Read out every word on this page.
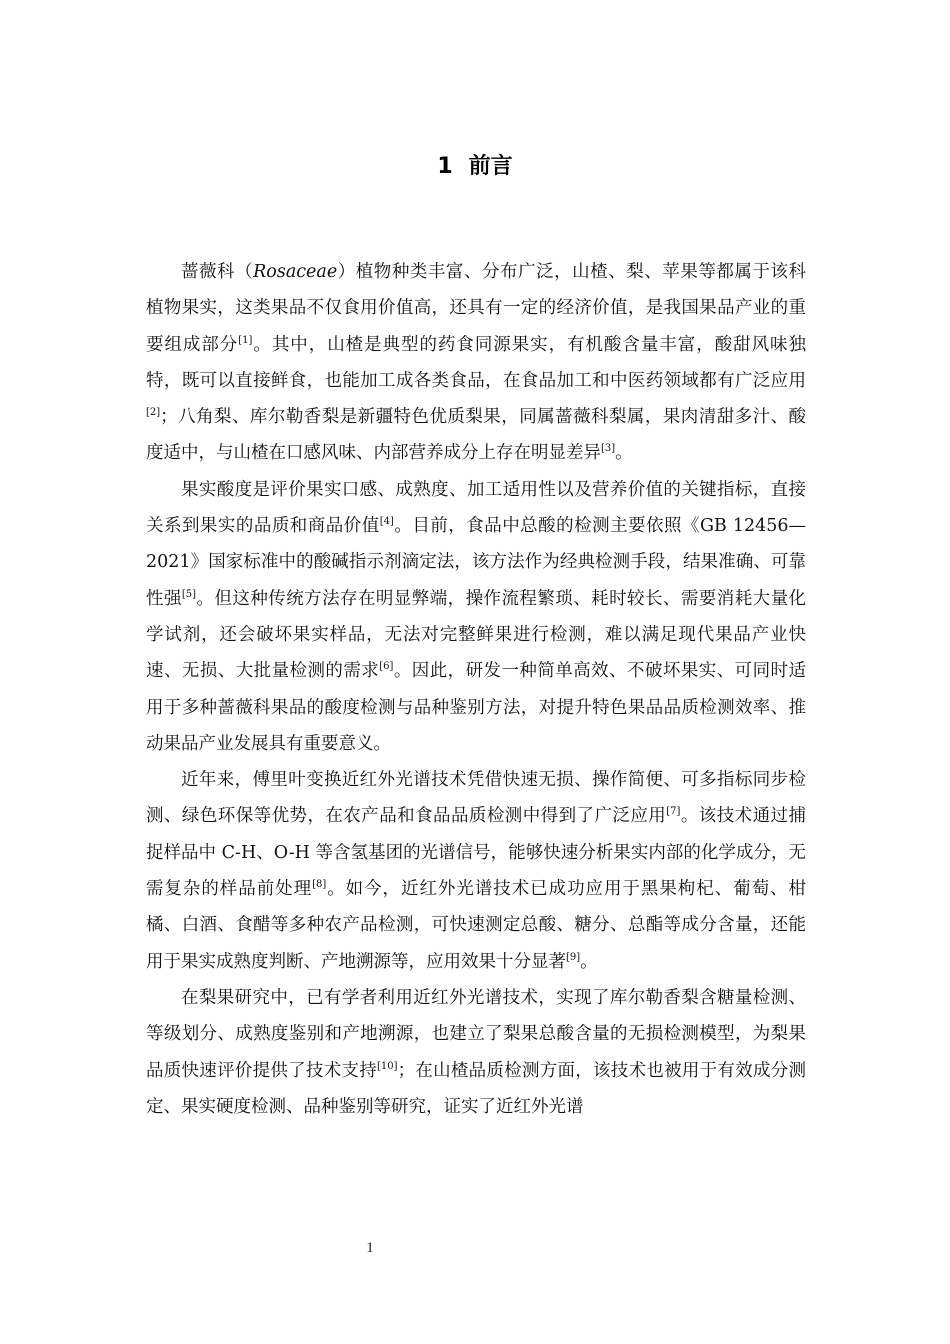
1 前言

蔷薇科（Rosaceae）植物种类丰富、分布广泛，山楂、梨、苹果等都属于该科植物果实，这类果品不仅食用价值高，还具有一定的经济价值，是我国果品产业的重要组成部分[1]。其中，山楂是典型的药食同源果实，有机酸含量丰富，酸甜风味独特，既可以直接鲜食，也能加工成各类食品，在食品加工和中医药领域都有广泛应用[2]；八角梨、库尔勒香梨是新疆特色优质梨果，同属蔷薇科梨属，果肉清甜多汁、酸度适中，与山楂在口感风味、内部营养成分上存在明显差异[3]。

果实酸度是评价果实口感、成熟度、加工适用性以及营养价值的关键指标，直接关系到果实的品质和商品价值[4]。目前，食品中总酸的检测主要依照《GB 12456—2021》国家标准中的酸碱指示剂滴定法，该方法作为经典检测手段，结果准确、可靠性强[5]。但这种传统方法存在明显弊端，操作流程繁琐、耗时较长、需要消耗大量化学试剂，还会破坏果实样品，无法对完整鲜果进行检测，难以满足现代果品产业快速、无损、大批量检测的需求[6]。因此，研发一种简单高效、不破坏果实、可同时适用于多种蔷薇科果品的酸度检测与品种鉴别方法，对提升特色果品品质检测效率、推动果品产业发展具有重要意义。

近年来，傅里叶变换近红外光谱技术凭借快速无损、操作简便、可多指标同步检测、绿色环保等优势，在农产品和食品品质检测中得到了广泛应用[7]。该技术通过捕捉样品中 C-H、O-H 等含氢基团的光谱信号，能够快速分析果实内部的化学成分，无需复杂的样品前处理[8]。如今，近红外光谱技术已成功应用于黑果枸杞、葡萄、柑橘、白酒、食醋等多种农产品检测，可快速测定总酸、糖分、总酯等成分含量，还能用于果实成熟度判断、产地溯源等，应用效果十分显著[9]。

在梨果研究中，已有学者利用近红外光谱技术，实现了库尔勒香梨含糖量检测、等级划分、成熟度鉴别和产地溯源，也建立了梨果总酸含量的无损检测模型，为梨果品质快速评价提供了技术支持[10]；在山楂品质检测方面，该技术也被用于有效成分测定、果实硬度检测、品种鉴别等研究，证实了近红外光谱

1
